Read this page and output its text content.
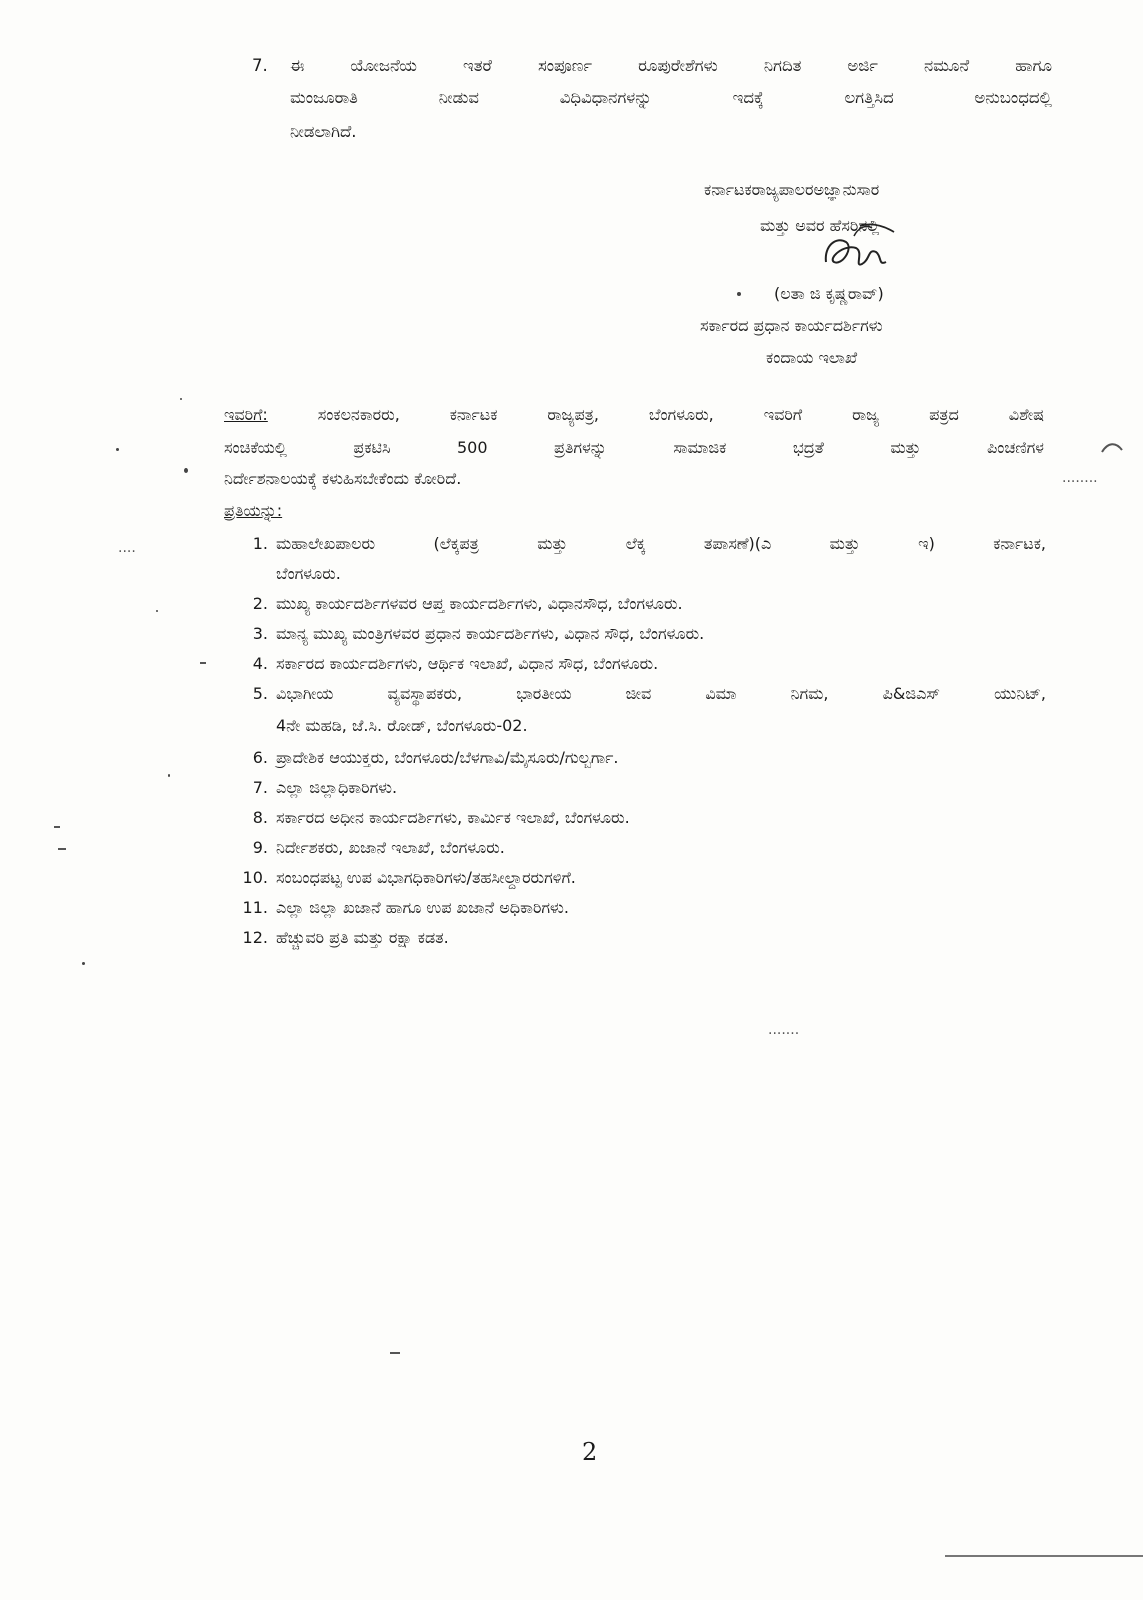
7. ಈ ಯೋಜನೆಯ ಇತರೆ ಸಂಪೂರ್ಣ ರೂಪುರೇಶೆಗಳು ನಿಗದಿತ ಅರ್ಜಿ ನಮೂನೆ ಹಾಗೂ
ಮಂಜೂರಾತಿ ನೀಡುವ ವಿಧಿವಿಧಾನಗಳನ್ನು ಇದಕ್ಕೆ ಲಗತ್ತಿಸಿದ ಅನುಬಂಧದಲ್ಲಿ
ನೀಡಲಾಗಿದೆ.
ಕರ್ನಾಟಕರಾಜ್ಯಪಾಲರಅಜ್ಞಾನುಸಾರ
ಮತ್ತು ಅವರ ಹೆಸರಿನಲ್ಲಿ
(ಲತಾ ಜಿ ಕೃಷ್ಣರಾವ್)
ಸರ್ಕಾರದ ಪ್ರಧಾನ ಕಾರ್ಯದರ್ಶಿಗಳು
ಕಂದಾಯ ಇಲಾಖೆ
ಇವರಿಗೆ:	ಸಂಕಲನಕಾರರು, ಕರ್ನಾಟಕ ರಾಜ್ಯಪತ್ರ, ಬೆಂಗಳೂರು, ಇವರಿಗೆ ರಾಜ್ಯ ಪತ್ರದ ವಿಶೇಷ
ಸಂಚಿಕೆಯಲ್ಲಿ ಪ್ರಕಟಿಸಿ 500 ಪ್ರತಿಗಳನ್ನು ಸಾಮಾಜಿಕ ಭದ್ರತೆ ಮತ್ತು ಪಿಂಚಣಿಗಳ
ನಿರ್ದೇಶನಾಲಯಕ್ಕೆ ಕಳುಹಿಸಬೇಕೆಂದು ಕೋರಿದೆ.
ಪ್ರತಿಯನ್ನು:
1. ಮಹಾಲೇಖಪಾಲರು (ಲೆಕ್ಕಪತ್ರ ಮತ್ತು ಲೆಕ್ಕ ತಪಾಸಣೆ)(ಎ ಮತ್ತು ಇ) ಕರ್ನಾಟಕ,
ಬೆಂಗಳೂರು.
2. ಮುಖ್ಯ ಕಾರ್ಯದರ್ಶಿಗಳವರ ಆಪ್ತ ಕಾರ್ಯದರ್ಶಿಗಳು, ವಿಧಾನಸೌಧ, ಬೆಂಗಳೂರು.
3. ಮಾನ್ಯ ಮುಖ್ಯ ಮಂತ್ರಿಗಳವರ ಪ್ರಧಾನ ಕಾರ್ಯದರ್ಶಿಗಳು, ವಿಧಾನ ಸೌಧ, ಬೆಂಗಳೂರು.
4. ಸರ್ಕಾರದ ಕಾರ್ಯದರ್ಶಿಗಳು, ಆರ್ಥಿಕ ಇಲಾಖೆ, ವಿಧಾನ ಸೌಧ, ಬೆಂಗಳೂರು.
5. ವಿಭಾಗೀಯ ವ್ಯವಸ್ಥಾಪಕರು, ಭಾರತೀಯ ಜೀವ ವಿಮಾ ನಿಗಮ, ಪಿ&ಜಿಎಸ್ ಯುನಿಟ್,
4ನೇ ಮಹಡಿ, ಜೆ.ಸಿ. ರೋಡ್, ಬೆಂಗಳೂರು-02.
6. ಪ್ರಾದೇಶಿಕ ಆಯುಕ್ತರು, ಬೆಂಗಳೂರು/ಬೆಳಗಾವಿ/ಮೈಸೂರು/ಗುಲ್ಬರ್ಗಾ.
7. ಎಲ್ಲಾ ಜಿಲ್ಲಾಧಿಕಾರಿಗಳು.
8. ಸರ್ಕಾರದ ಅಧೀನ ಕಾರ್ಯದರ್ಶಿಗಳು, ಕಾರ್ಮಿಕ ಇಲಾಖೆ, ಬೆಂಗಳೂರು.
9. ನಿರ್ದೇಶಕರು, ಖಜಾನೆ ಇಲಾಖೆ, ಬೆಂಗಳೂರು.
10. ಸಂಬಂಧಪಟ್ಟ ಉಪ ವಿಭಾಗಧಿಕಾರಿಗಳು/ತಹಸೀಲ್ದಾರರುಗಳಿಗೆ.
11. ಎಲ್ಲಾ ಜಿಲ್ಲಾ ಖಜಾನೆ ಹಾಗೂ ಉಪ ಖಜಾನೆ ಅಧಿಕಾರಿಗಳು.
12. ಹೆಚ್ಚುವರಿ ಪ್ರತಿ ಮತ್ತು ರಕ್ಷಾ ಕಡತ.
.......
........
....
2
